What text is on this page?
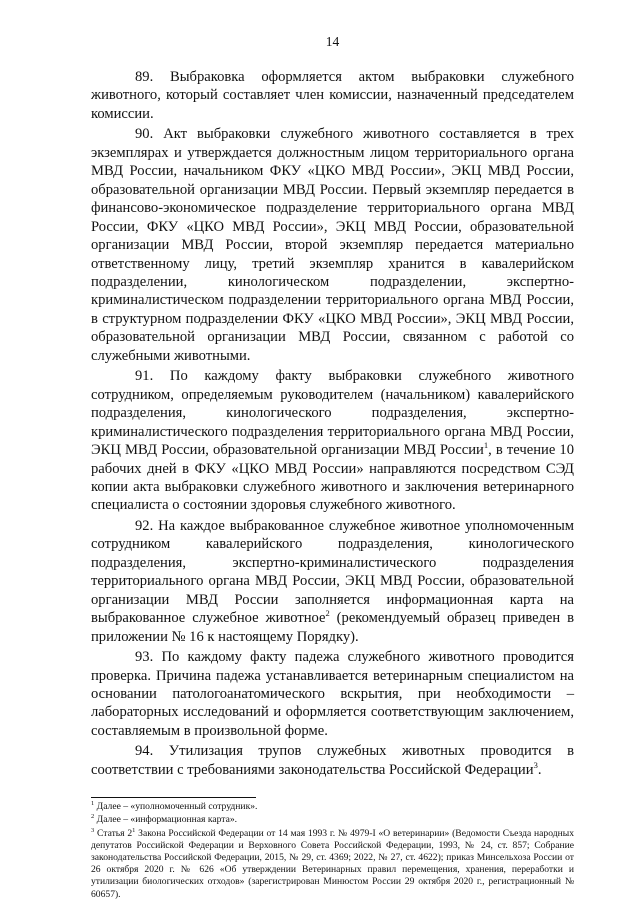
14

89. Выбраковка оформляется актом выбраковки служебного животного, который составляет член комиссии, назначенный председателем комиссии.

90. Акт выбраковки служебного животного составляется в трех экземплярах и утверждается должностным лицом территориального органа МВД России, начальником ФКУ «ЦКО МВД России», ЭКЦ МВД России, образовательной организации МВД России. Первый экземпляр передается в финансово-экономическое подразделение территориального органа МВД России, ФКУ «ЦКО МВД России», ЭКЦ МВД России, образовательной организации МВД России, второй экземпляр передается материально ответственному лицу, третий экземпляр хранится в кавалерийском подразделении, кинологическом подразделении, экспертно-криминалистическом подразделении территориального органа МВД России, в структурном подразделении ФКУ «ЦКО МВД России», ЭКЦ МВД России, образовательной организации МВД России, связанном с работой со служебными животными.

91. По каждому факту выбраковки служебного животного сотрудником, определяемым руководителем (начальником) кавалерийского подразделения, кинологического подразделения, экспертно-криминалистического подразделения территориального органа МВД России, ЭКЦ МВД России, образовательной организации МВД России$^1$, в течение 10 рабочих дней в ФКУ «ЦКО МВД России» направляются посредством СЭД копии акта выбраковки служебного животного и заключения ветеринарного специалиста о состоянии здоровья служебного животного.

92. На каждое выбракованное служебное животное уполномоченным сотрудником кавалерийского подразделения, кинологического подразделения, экспертно-криминалистического подразделения территориального органа МВД России, ЭКЦ МВД России, образовательной организации МВД России заполняется информационная карта на выбракованное служебное животное$^2$ (рекомендуемый образец приведен в приложении № 16 к настоящему Порядку).

93. По каждому факту падежа служебного животного проводится проверка. Причина падежа устанавливается ветеринарным специалистом на основании патологоанатомического вскрытия, при необходимости – лабораторных исследований и оформляется соответствующим заключением, составляемым в произвольной форме.

94. Утилизация трупов служебных животных проводится в соответствии с требованиями законодательства Российской Федерации$^3$.

$^1$ Далее – «уполномоченный сотрудник».

$^2$ Далее – «информационная карта».

$^3$ Статья $2^1$ Закона Российской Федерации от 14 мая 1993 г. № 4979-I «О ветеринарии» (Ведомости Съезда народных депутатов Российской Федерации и Верховного Совета Российской Федерации, 1993, № 24, ст. 857; Собрание законодательства Российской Федерации, 2015, № 29, ст. 4369; 2022, № 27, ст. 4622); приказ Минсельхоза России от 26 октября 2020 г. № 626 «Об утверждении Ветеринарных правил перемещения, хранения, переработки и утилизации биологических отходов» (зарегистрирован Минюстом России 29 октября 2020 г., регистрационный № 60657).
